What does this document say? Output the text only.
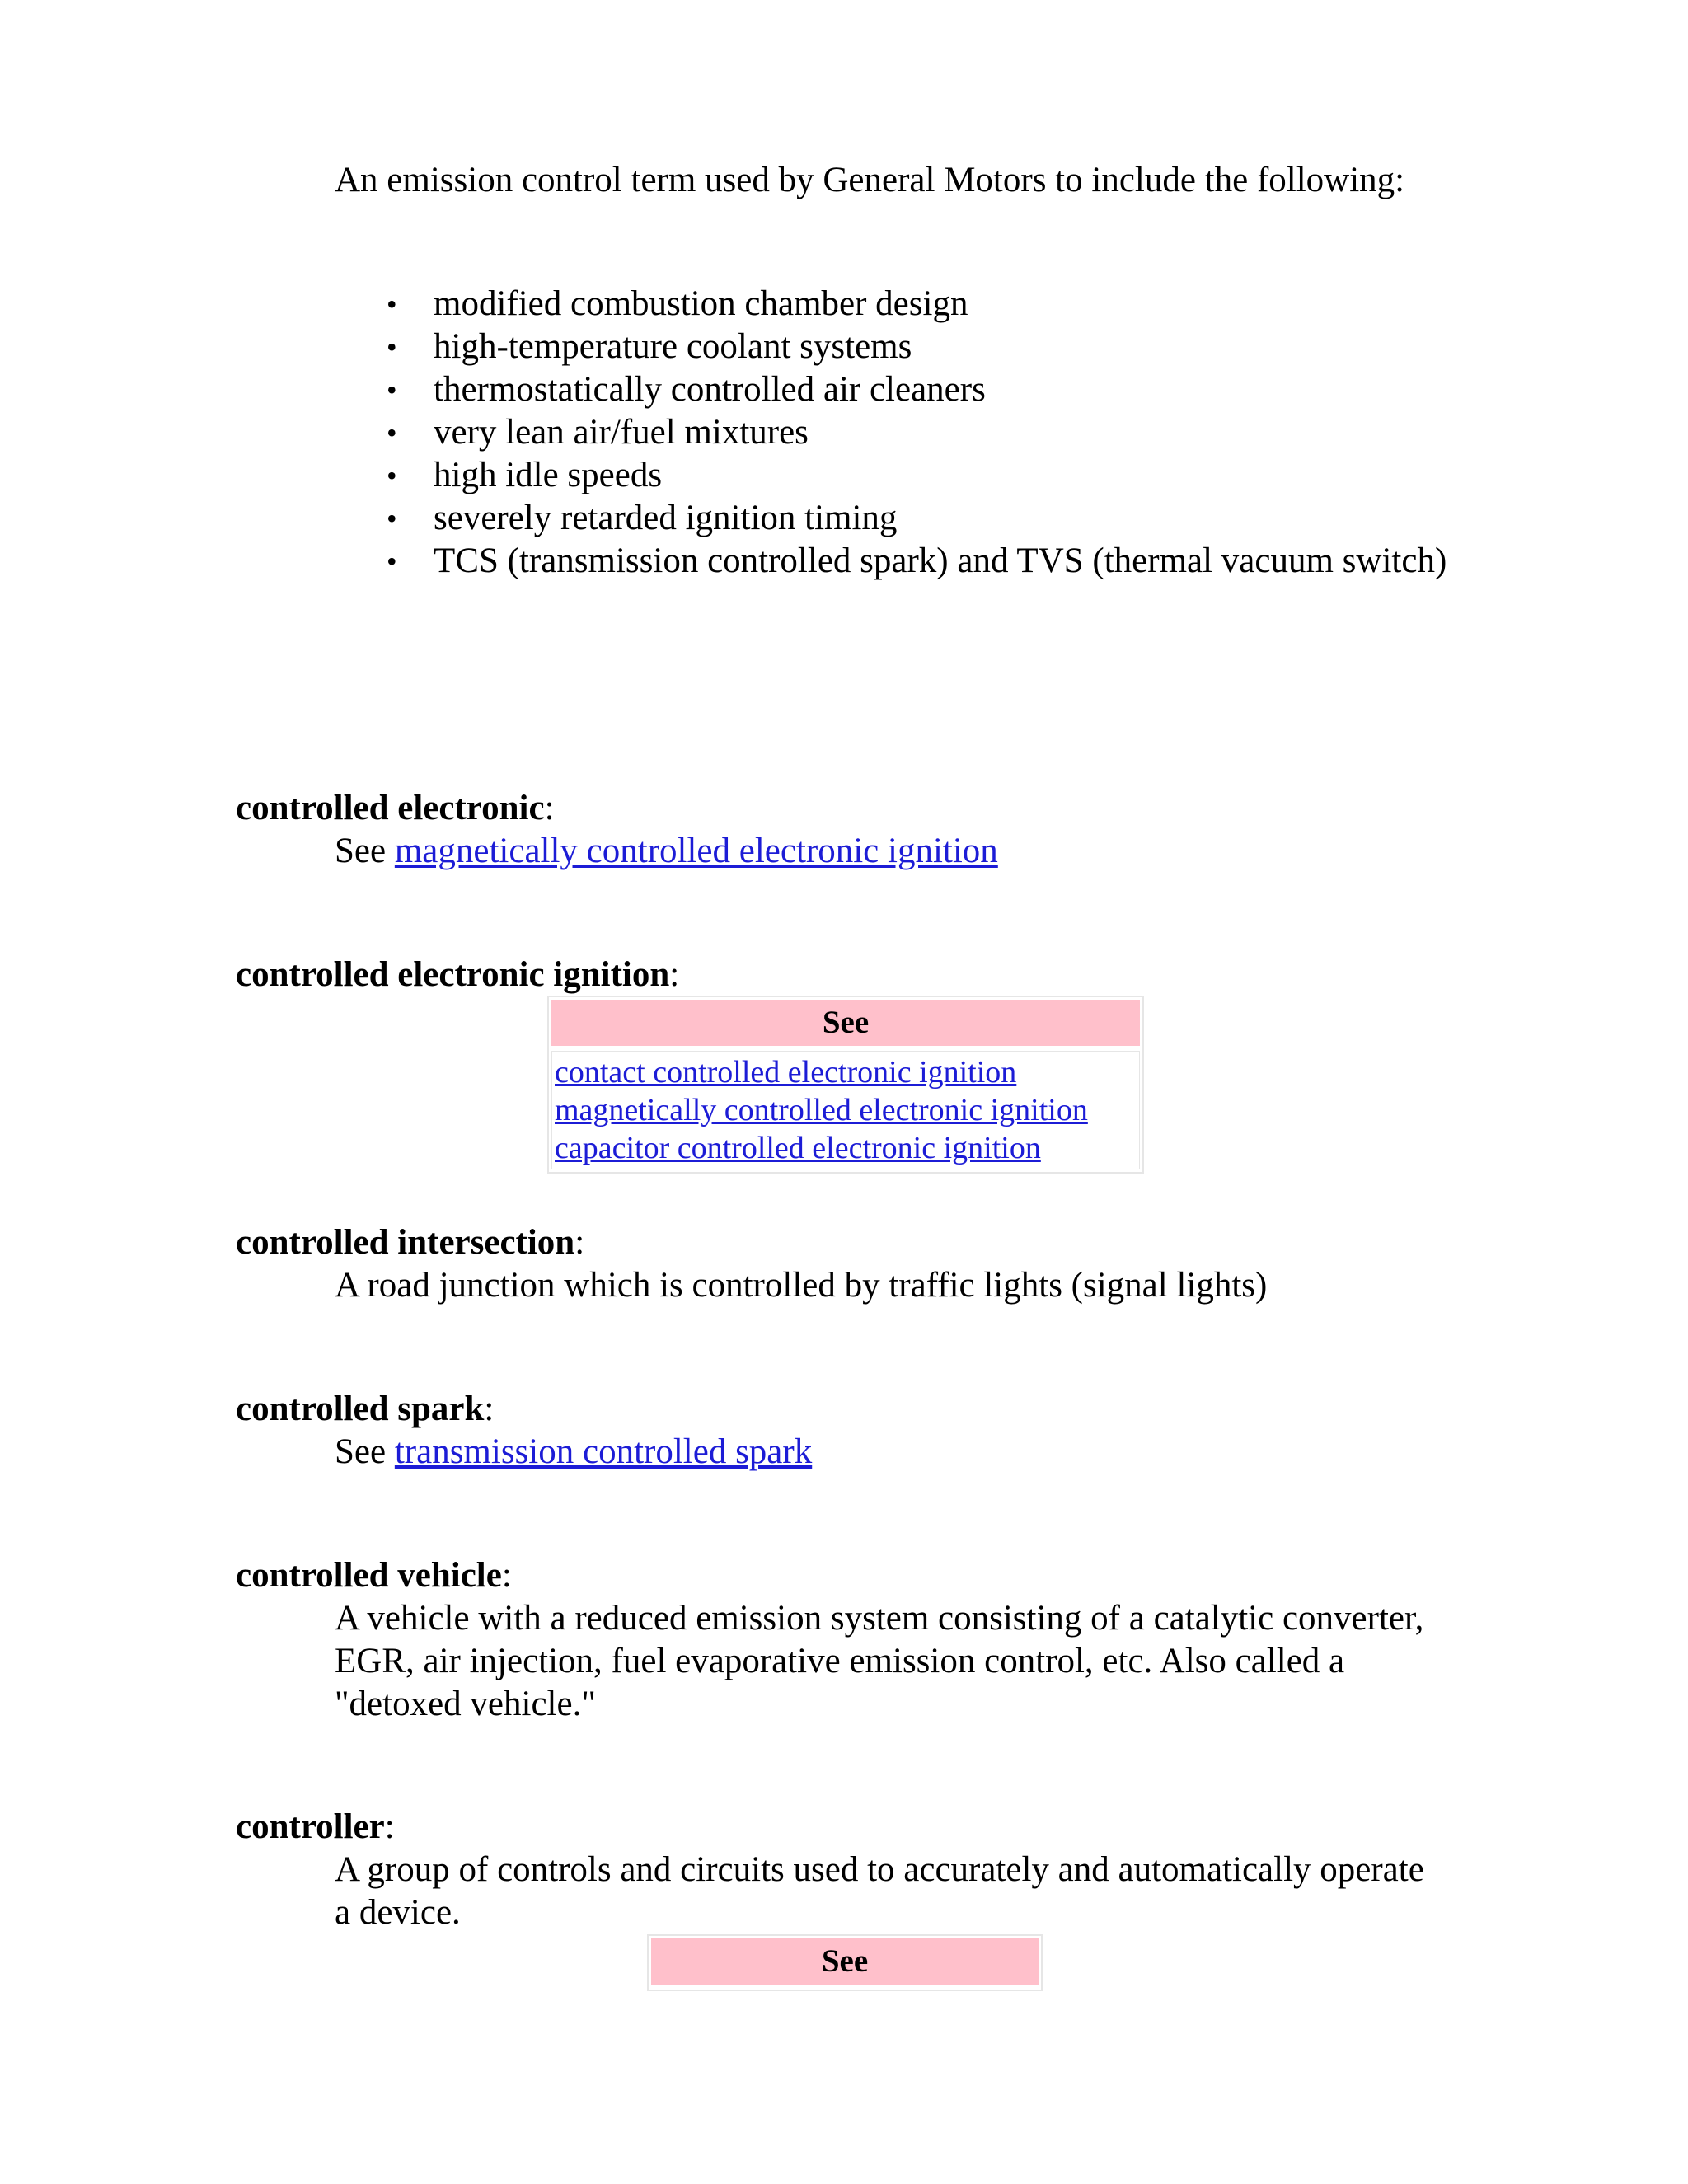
An emission control term used by General Motors to include the following:

• modified combustion chamber design
• high-temperature coolant systems
• thermostatically controlled air cleaners
• very lean air/fuel mixtures
• high idle speeds
• severely retarded ignition timing
• TCS (transmission controlled spark) and TVS (thermal vacuum switch)
controlled electronic:
See magnetically controlled electronic ignition
controlled electronic ignition:
See
contact controlled electronic ignition
magnetically controlled electronic ignition
capacitor controlled electronic ignition
controlled intersection:
A road junction which is controlled by traffic lights (signal lights)
controlled spark:
See transmission controlled spark
controlled vehicle:
A vehicle with a reduced emission system consisting of a catalytic converter, EGR, air injection, fuel evaporative emission control, etc. Also called a "detoxed vehicle."
controller:
A group of controls and circuits used to accurately and automatically operate a device.
See
